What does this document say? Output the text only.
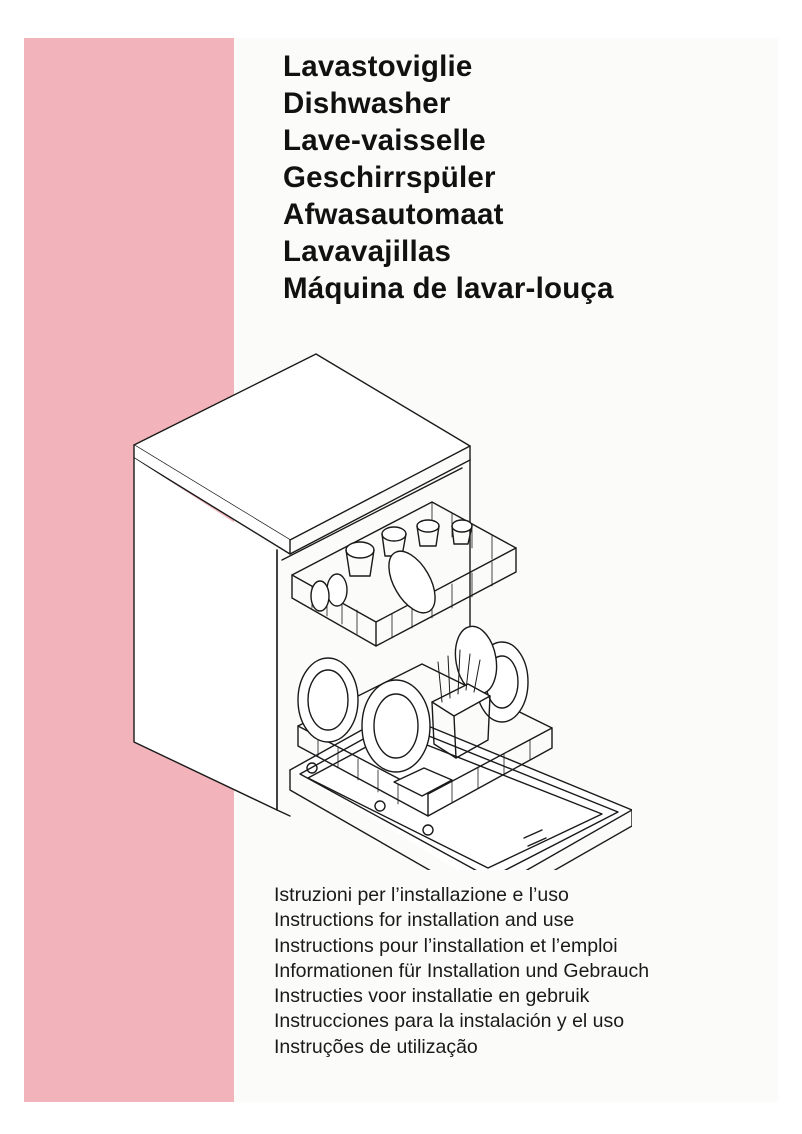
Lavastoviglie
Dishwasher
Lave-vaisselle
Geschirrspüler
Afwasautomaat
Lavavajillas
Máquina de lavar-louça
Istruzioni per l’installazione e l’uso
Instructions for installation and use
Instructions pour l’installation et l’emploi
Informationen für Installation und Gebrauch
Instructies voor installatie en gebruik
Instrucciones para la instalación y el uso
Instruções de utilização
